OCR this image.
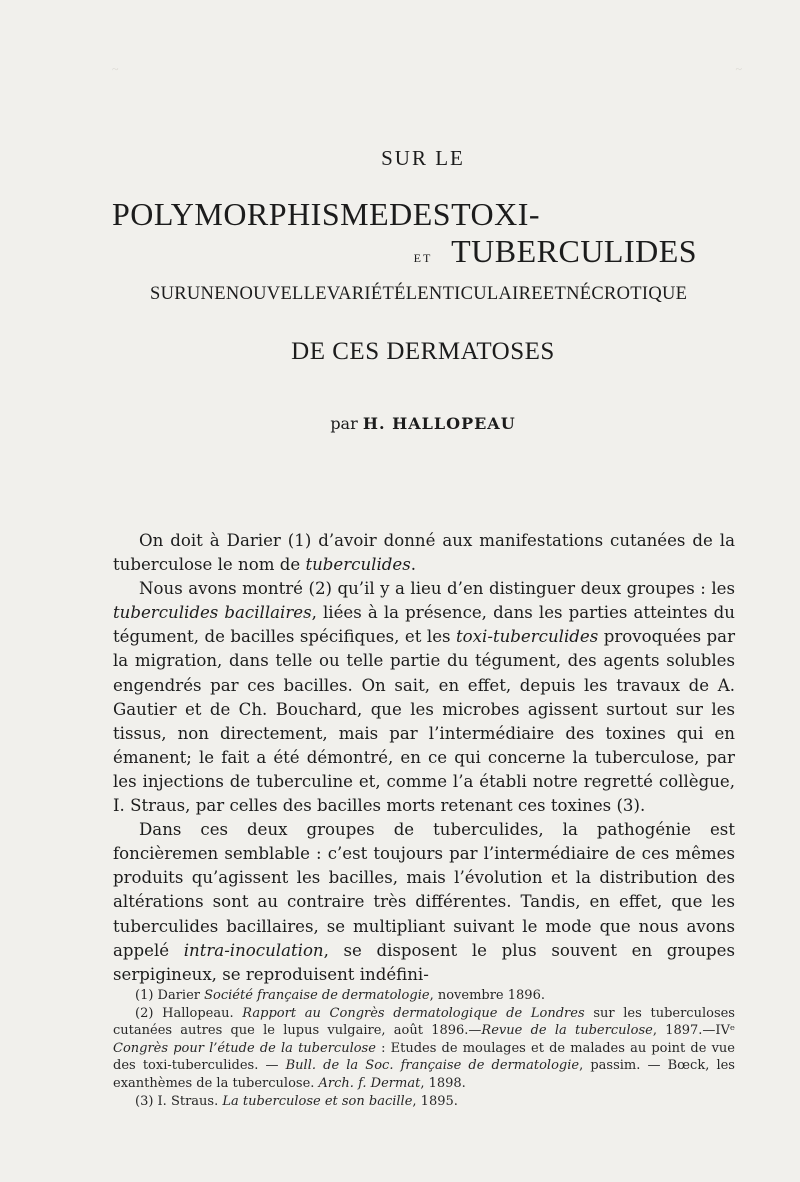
~	~
SUR LE
POLYMORPHISME DES TOXI-TUBERCULIDES
ET
SUR UNE NOUVELLE VARIÉTÉ LENTICULAIRE ET NÉCROTIQUE
DE CES DERMATOSES
par H. HALLOPEAU

On doit à Darier (1) d’avoir donné aux manifestations cutanées de la tuberculose le nom de tuberculides.

Nous avons montré (2) qu’il y a lieu d’en distinguer deux groupes : les tuberculides bacillaires, liées à la présence, dans les parties atteintes du tégument, de bacilles spécifiques, et les toxi-tuberculides provoquées par la migration, dans telle ou telle partie du tégument, des agents solubles engendrés par ces bacilles. On sait, en effet, depuis les travaux de A. Gautier et de Ch. Bouchard, que les microbes agissent surtout sur les tissus, non directement, mais par l’intermédiaire des toxines qui en émanent; le fait a été démontré, en ce qui concerne la tuberculose, par les injections de tuberculine et, comme l’a établi notre regretté collègue, I. Straus, par celles des bacilles morts retenant ces toxines (3).

Dans ces deux groupes de tuberculides, la pathogénie est foncièremen semblable : c’est toujours par l’intermédiaire de ces mêmes produits qu’agissent les bacilles, mais l’évolution et la distribution des altérations sont au contraire très différentes. Tandis, en effet, que les tuberculides bacillaires, se multipliant suivant le mode que nous avons appelé intra-inoculation, se disposent le plus souvent en groupes serpigineux, se reproduisent indéfini-

(1) Darier Société française de dermatologie, novembre 1896.

(2) Hallopeau. Rapport au Congrès dermatologique de Londres sur les tuberculoses cutanées autres que le lupus vulgaire, août 1896.—Revue de la tuberculose, 1897.—IVᵉ Congrès pour l’étude de la tuberculose : Etudes de moulages et de malades au point de vue des toxi-tuberculides. — Bull. de la Soc. française de dermatologie, passim. — Bœck, les exanthèmes de la tuberculose. Arch. f. Dermat, 1898.

(3) I. Straus. La tuberculose et son bacille, 1895.
